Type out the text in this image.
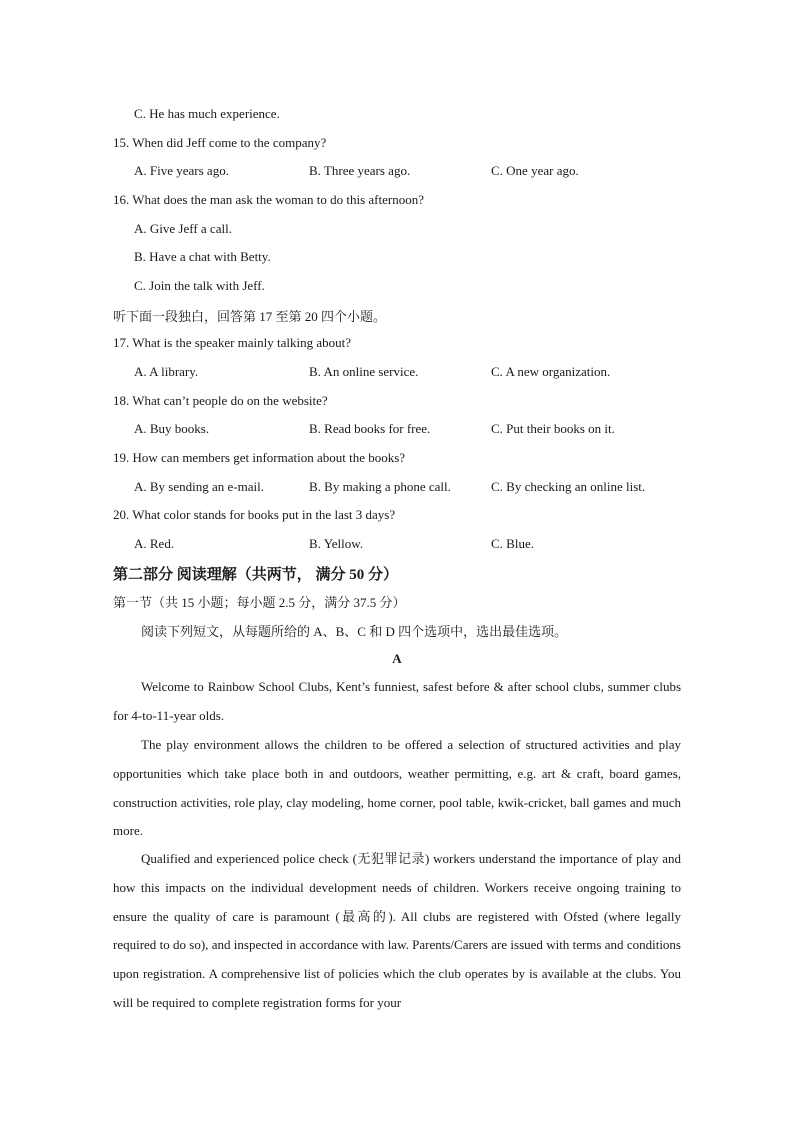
C. He has much experience.
15. When did Jeff come to the company?
A. Five years ago.	B. Three years ago.	C. One year ago.
16. What does the man ask the woman to do this afternoon?
A. Give Jeff a call.
B. Have a chat with Betty.
C. Join the talk with Jeff.
听下面一段独白，回答第 17 至第 20 四个小题。
17. What is the speaker mainly talking about?
A. A library.	B. An online service.	C. A new organization.
18. What can’t people do on the website?
A. Buy books.	B. Read books for free.	C. Put their books on it.
19. How can members get information about the books?
A. By sending an e-mail.	B. By making a phone call.	C. By checking an online list.
20. What color stands for books put in the last 3 days?
A. Red.	B. Yellow.	C. Blue.
第二部分 阅读理解（共两节， 满分 50 分）
第一节（共 15 小题；每小题 2.5 分，满分 37.5 分）
阅读下列短文，从每题所给的 A、B、C 和 D 四个选项中，选出最佳选项。
A
Welcome to Rainbow School Clubs, Kent’s funniest, safest before & after school clubs, summer clubs for 4-to-11-year olds.
The play environment allows the children to be offered a selection of structured activities and play opportunities which take place both in and outdoors, weather permitting, e.g. art & craft, board games, construction activities, role play, clay modeling, home corner, pool table, kwik-cricket, ball games and much more.
Qualified and experienced police check (无犯罪记录) workers understand the importance of play and how this impacts on the individual development needs of children. Workers receive ongoing training to ensure the quality of care is paramount (最高的). All clubs are registered with Ofsted (where legally required to do so), and inspected in accordance with law. Parents/Carers are issued with terms and conditions upon registration. A comprehensive list of policies which the club operates by is available at the clubs. You will be required to complete registration forms for your
